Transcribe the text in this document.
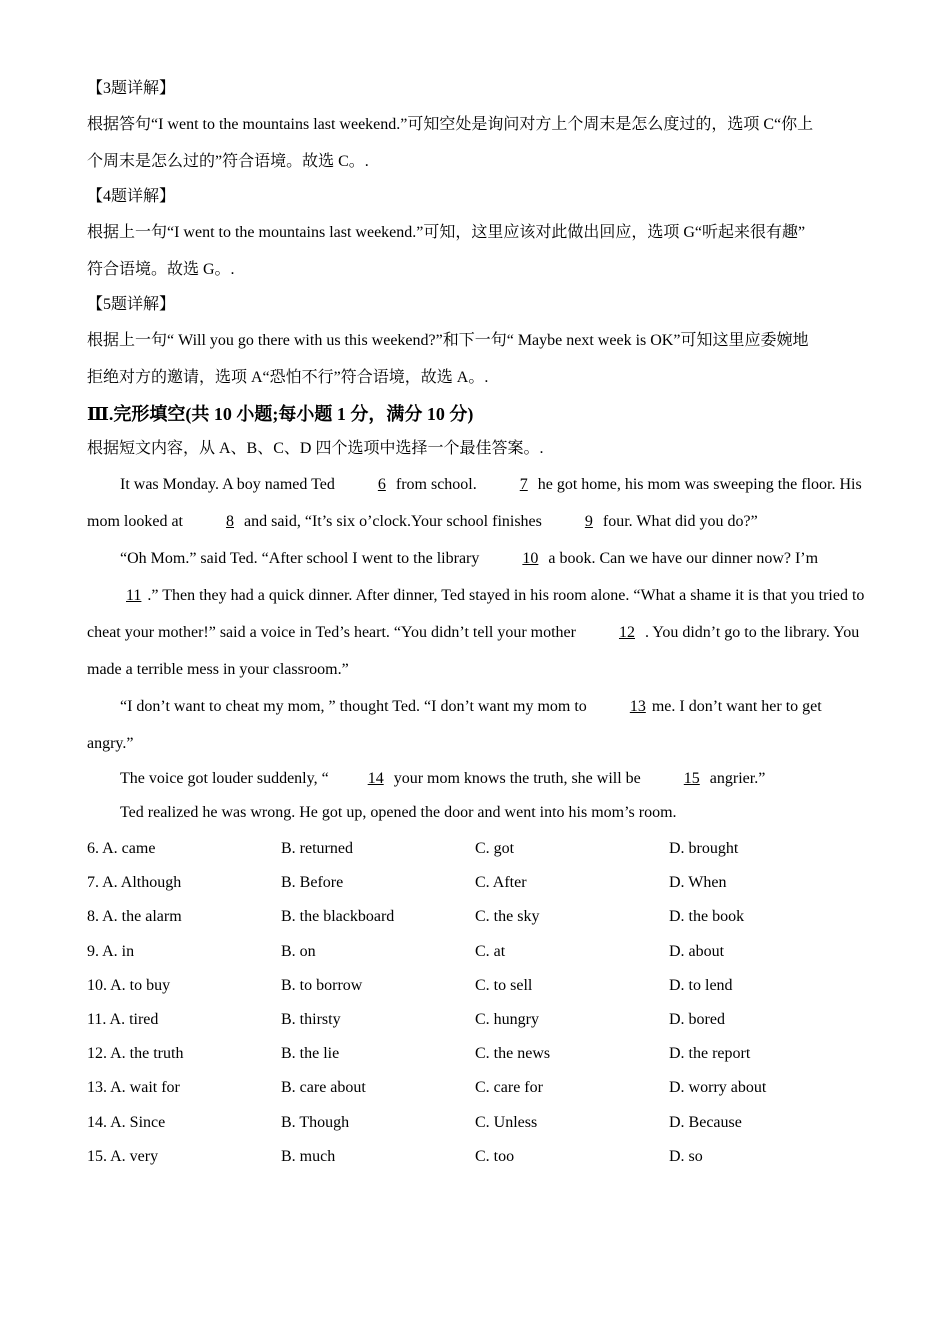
【3题详解】
根据答句“I went to the mountains last weekend.”可知空处是询问对方上个周末是怎么度过的，选项 C“你上
个周末是怎么过的”符合语境。故选 C。.
【4题详解】
根据上一句“I went to the mountains last weekend.”可知，这里应该对此做出回应，选项 G“听起来很有趣”
符合语境。故选 G。.
【5题详解】
根据上一句“ Will you go there with us this weekend?”和下一句“ Maybe next week is OK”可知这里应委婉地
拒绝对方的邀请，选项 A“恐怕不行”符合语境，故选 A。.
Ⅲ.完形填空(共 10 小题;每小题 1 分，满分 10 分)
根据短文内容，从 A、B、C、D 四个选项中选择一个最佳答案。.

It was Monday. A boy named Ted 6 from school. 7 he got home, his mom was sweeping the floor. His mom looked at 8 and said, “It’s six o’clock.Your school finishes 9 four. What did you do?”

“Oh Mom.” said Ted. “After school I went to the library 10 a book. Can we have our dinner now? I’m 11 .” Then they had a quick dinner. After dinner, Ted stayed in his room alone. “What a shame it is that you tried to cheat your mother!” said a voice in Ted’s heart. “You didn’t tell your mother 12 . You didn’t go to the library. You made a terrible mess in your classroom.”

“I don’t want to cheat my mom, ” thought Ted. “I don’t want my mom to 13 me. I don’t want her to get angry.”

The voice got louder suddenly, “ 14 your mom knows the truth, she will be 15 angrier.”

Ted realized he was wrong. He got up, opened the door and went into his mom’s room.

6. A. came	B. returned	C. got	D. brought
7. A. Although	B. Before	C. After	D. When
8. A. the alarm	B. the blackboard	C. the sky	D. the book
9. A. in	B. on	C. at	D. about
10. A. to buy	B. to borrow	C. to sell	D. to lend
11. A. tired	B. thirsty	C. hungry	D. bored
12. A. the truth	B. the lie	C. the news	D. the report
13. A. wait for	B. care about	C. care for	D. worry about
14. A. Since	B. Though	C. Unless	D. Because
15. A. very	B. much	C. too	D. so
